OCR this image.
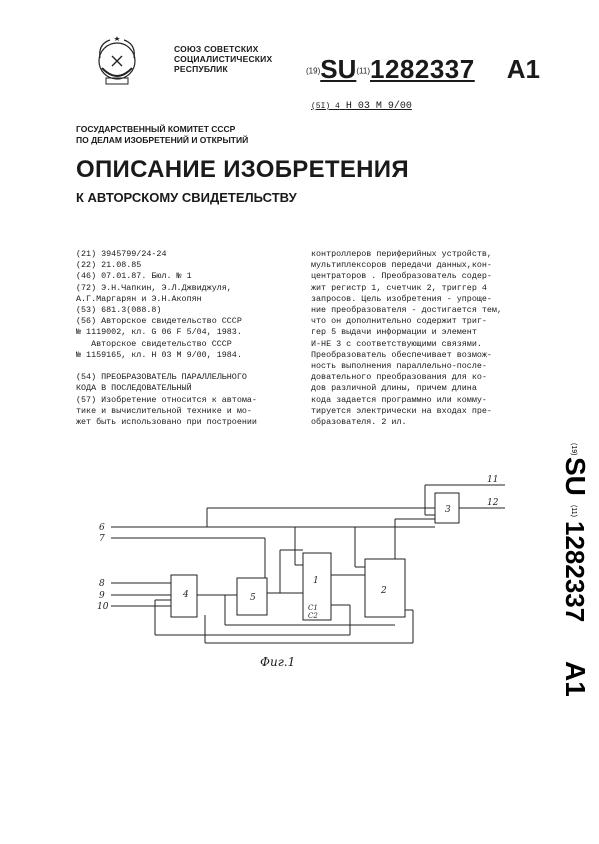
СОЮЗ СОВЕТСКИХ
СОЦИАЛИСТИЧЕСКИХ
РЕСПУБЛИК	(19)SU(11)1282337 A1
(5I) 4 H 03 M 9/00
ГОСУДАРСТВЕННЫЙ КОМИТЕТ СССР
ПО ДЕЛАМ ИЗОБРЕТЕНИЙ И ОТКРЫТИЙ
ОПИСАНИЕ ИЗОБРЕТЕНИЯ
К АВТОРСКОМУ СВИДЕТЕЛЬСТВУ
(21) 3945799/24-24
(22) 21.08.85
(46) 07.01.87. Бюл. № 1
(72) Э.Н.Чапкин, Э.Л.Джвиджуля,
А.Г.Маргарян и Э.Н.Акопян
(53) 681.3(088.8)
(56) Авторское свидетельство СССР
№ 1119002, кл. G 06 F 5/04, 1983.
Авторское свидетельство СССР
№ 1159165, кл. Н 03 М 9/00, 1984.

(54) ПРЕОБРАЗОВАТЕЛЬ ПАРАЛЛЕЛЬНОГО
КОДА В ПОСЛЕДОВАТЕЛЬНЫЙ
(57) Изобретение относится к автома-
тике и вычислительной технике и мо-
жет быть использовано при построении
контроллеров периферийных устройств,
мультиплексоров передачи данных,кон-
центраторов . Преобразователь содер-
жит регистр 1, счетчик 2, триггер 4
запросов. Цель изобретения - упроще-
ние преобразователя - достигается тем,
что он дополнительно содержит триг-
гер 5 выдачи информации и элемент
И-НЕ 3 с соответствующими связями.
Преобразователь обеспечивает возмож-
ность выполнения параллельно-после-
довательного преобразования для ко-
дов различной длины, причем длина
кода задается программно или комму-
тируется электрически на входах пре-
образователя. 2 ил.
(19)
SU
(11)
1282337
A1
6
7
8
9
10
11
12
1
2
3
4	5
C1
C2
Фиг.1
